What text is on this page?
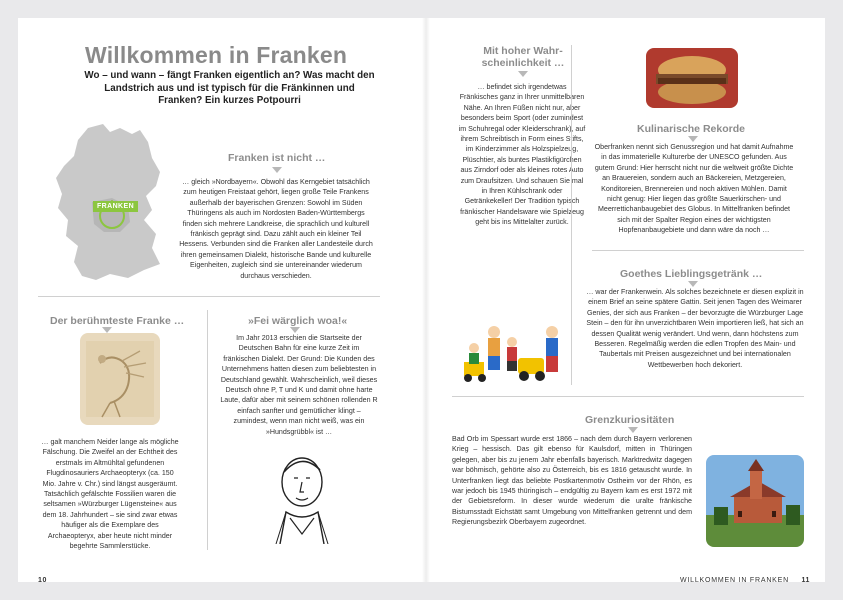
Willkommen in Franken
Wo – und wann – fängt Franken eigentlich an? Was macht den Landstrich aus und ist typisch für die Fränkinnen und Franken? Ein kurzes Potpourri
FRANKEN
Franken ist nicht …
… gleich »Nordbayern«. Obwohl das Kerngebiet tatsächlich zum heutigen Freistaat gehört, liegen große Teile Frankens außerhalb der bayerischen Grenzen: Sowohl im Süden Thüringens als auch im Nordosten Baden-Württembergs finden sich mehrere Landkreise, die sprachlich und kulturell fränkisch geprägt sind. Dazu zählt auch ein kleiner Teil Hessens. Verbunden sind die Franken aller Landesteile durch ihren gemeinsamen Dialekt, historische Bande und kulturelle Eigenheiten, zugleich sind sie untereinander wiederum durchaus verschieden.
Der berühmteste Franke …
… galt manchem Neider lange als mögliche Fälschung. Die Zweifel an der Echtheit des erstmals im Altmühltal gefundenen Flugdinosauriers Archaeopteryx (ca. 150 Mio. Jahre v. Chr.) sind längst ausgeräumt. Tatsächlich gefälschte Fossilien waren die seltsamen »Würzburger Lügensteine« aus dem 18. Jahrhundert – sie sind zwar etwas häufiger als die Exemplare des Archaeopteryx, aber heute nicht minder begehrte Sammlerstücke.
»Fei wärglich woa!«
Im Jahr 2013 erschien die Startseite der Deutschen Bahn für eine kurze Zeit im fränkischen Dialekt. Der Grund: Die Kunden des Unternehmens hatten diesen zum beliebtesten in Deutschland gewählt. Wahrscheinlich, weil dieses Deutsch ohne P, T und K und damit ohne harte Laute, dafür aber mit seinem schönen rollenden R einfach sanfter und gemütlicher klingt – zumindest, wenn man nicht weiß, was ein »Hundsgrübbl« ist …
10
Mit hoher Wahr-
scheinlichkeit …
… befindet sich irgendetwas Fränkisches ganz in Ihrer unmittelbaren Nähe. An Ihren Füßen nicht nur, aber besonders beim Sport (oder zumindest im Schuhregal oder Kleiderschrank), auf ihrem Schreibtisch in Form eines Stifts, im Kinderzimmer als Holzspielzeug, Plüschtier, als buntes Plastikfigürchen aus Zirndorf oder als kleines rotes Auto zum Draufsitzen. Und schauen Sie mal in Ihren Kühlschrank oder Getränkekeller! Der Tradition typisch fränkischer Handelsware wie Spielzeug geht bis ins Mittelalter zurück.
Kulinarische Rekorde
Oberfranken nennt sich Genussregion und hat damit Aufnahme in das immaterielle Kulturerbe der UNESCO gefunden. Aus gutem Grund: Hier herrscht nicht nur die weltweit größte Dichte an Brauereien, sondern auch an Bäckereien, Metzgereien, Konditoreien, Brennereien und noch aktiven Mühlen. Damit nicht genug: Hier liegen das größte Sauerkirschen- und Meerrettichanbaugebiet des Globus. In Mittelfranken befindet sich mit der Spalter Region eines der wichtigsten Hopfenanbaugebiete und dann wäre da noch …
Goethes Lieblingsgetränk …
… war der Frankenwein. Als solches bezeichnete er diesen explizit in einem Brief an seine spätere Gattin. Seit jenen Tagen des Weimarer Genies, der sich aus Franken – der bevorzugte die Würzburger Lage Stein – den für ihn unverzichtbaren Wein importieren ließ, hat sich an dessen Qualität wenig verändert. Und wenn, dann höchstens zum Besseren. Regelmäßig werden die edlen Tropfen des Main- und Taubertals mit Preisen ausgezeichnet und bei internationalen Wettbewerben hoch dekoriert.
Grenzkuriositäten
Bad Orb im Spessart wurde erst 1866 – nach dem durch Bayern verlorenen Krieg – hessisch. Das gilt ebenso für Kaulsdorf, mitten in Thüringen gelegen, aber bis zu jenem Jahr ebenfalls bayerisch. Marktredwitz dagegen war böhmisch, gehörte also zu Österreich, bis es 1816 getauscht wurde. In Unterfranken liegt das beliebte Postkartenmotiv Ostheim vor der Rhön, es war jedoch bis 1945 thüringisch – endgültig zu Bayern kam es erst 1972 mit der Gebietsreform. In dieser wurde wiederum die uralte fränkische Bistumsstadt Eichstätt samt Umgebung von Mittelfranken getrennt und dem Regierungsbezirk Oberbayern zugeordnet.
WILLKOMMEN IN FRANKEN 11
